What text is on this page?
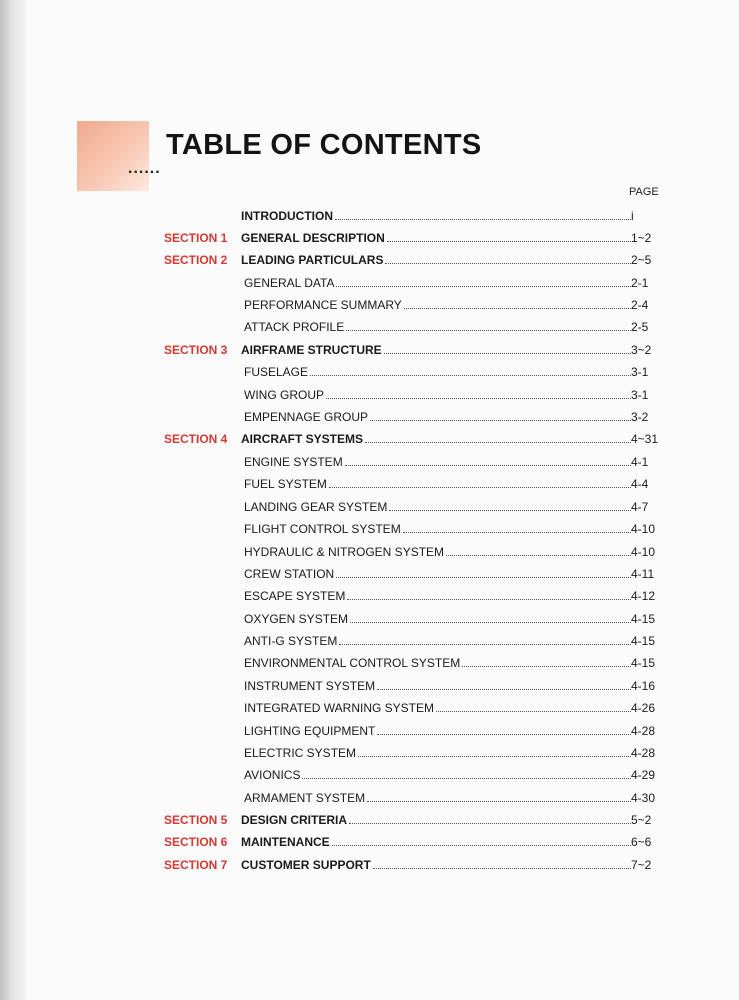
......
TABLE OF CONTENTS
PAGE
INTRODUCTION	i
SECTION 1 GENERAL DESCRIPTION	1~2
SECTION 2 LEADING PARTICULARS	2~5
GENERAL DATA	2-1
PERFORMANCE SUMMARY	2-4
ATTACK PROFILE	2-5
SECTION 3 AIRFRAME STRUCTURE	3~2
FUSELAGE	3-1
WING GROUP	3-1
EMPENNAGE GROUP	3-2
SECTION 4 AIRCRAFT SYSTEMS	4~31
ENGINE SYSTEM	4-1
FUEL SYSTEM	4-4
LANDING GEAR SYSTEM	4-7
FLIGHT CONTROL SYSTEM	4-10
HYDRAULIC & NITROGEN SYSTEM	4-10
CREW STATION	4-11
ESCAPE SYSTEM	4-12
OXYGEN SYSTEM	4-15
ANTI-G SYSTEM	4-15
ENVIRONMENTAL CONTROL SYSTEM	4-15
INSTRUMENT SYSTEM	4-16
INTEGRATED WARNING SYSTEM	4-26
LIGHTING EQUIPMENT	4-28
ELECTRIC SYSTEM	4-28
AVIONICS	4-29
ARMAMENT SYSTEM	4-30
SECTION 5 DESIGN CRITERIA	5~2
SECTION 6 MAINTENANCE	6~6
SECTION 7 CUSTOMER SUPPORT	7~2
